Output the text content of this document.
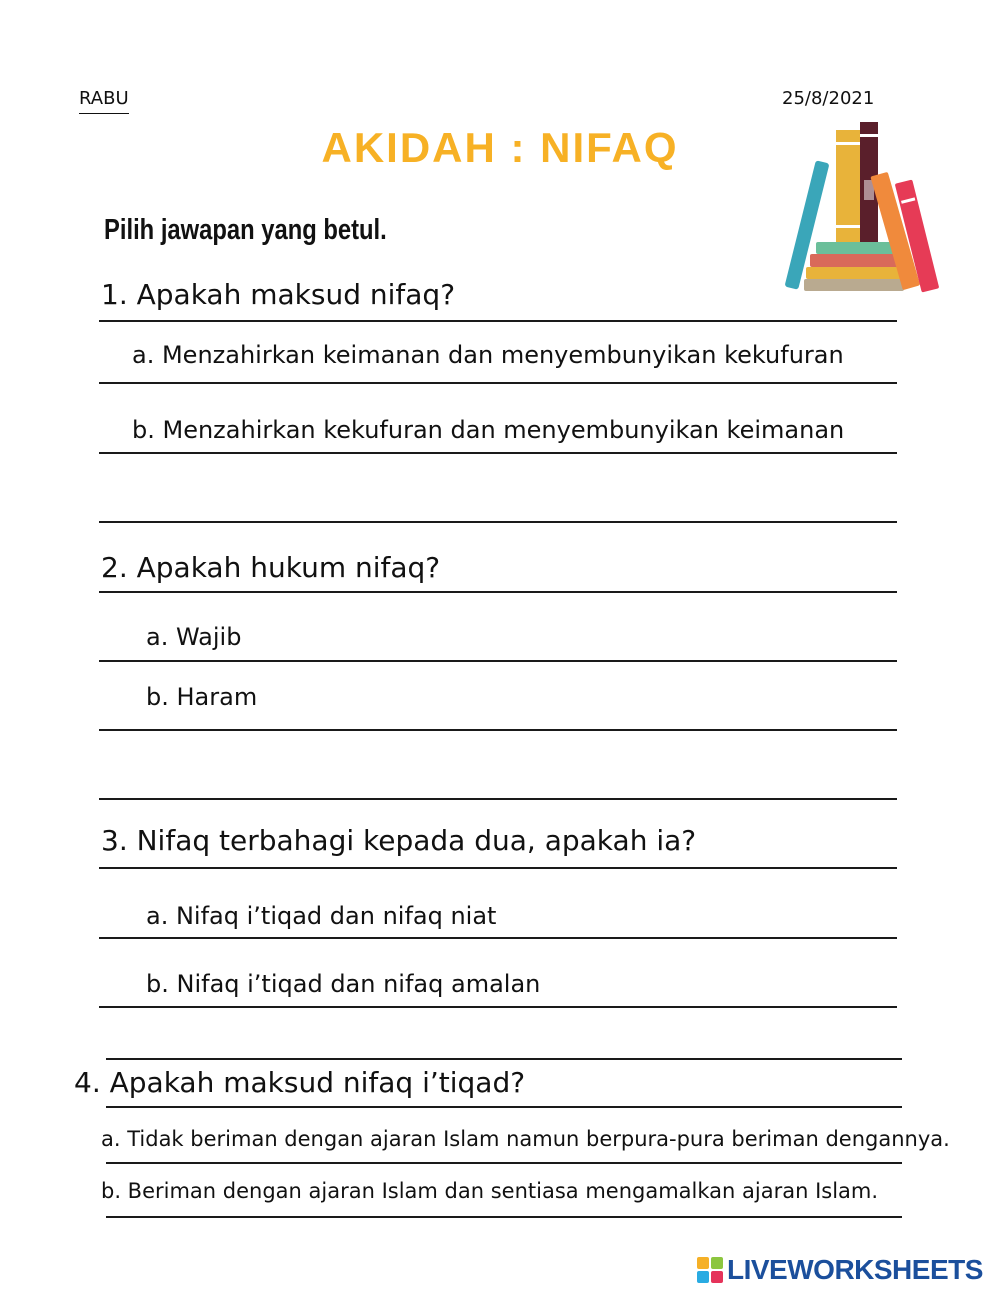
RABU	25/8/2021
AKIDAH : NIFAQ
Pilih jawapan yang betul.
1. Apakah maksud nifaq?
a. Menzahirkan keimanan dan menyembunyikan kekufuran
b. Menzahirkan kekufuran dan menyembunyikan keimanan
2. Apakah hukum nifaq?
a. Wajib
b. Haram
3. Nifaq terbahagi kepada dua, apakah ia?
a. Nifaq i’tiqad dan nifaq niat
b. Nifaq i’tiqad dan nifaq amalan
4. Apakah maksud nifaq i’tiqad?
a. Tidak beriman dengan ajaran Islam namun berpura-pura beriman dengannya.
b. Beriman dengan ajaran Islam dan sentiasa mengamalkan ajaran Islam.
LIVEWORKSHEETS
